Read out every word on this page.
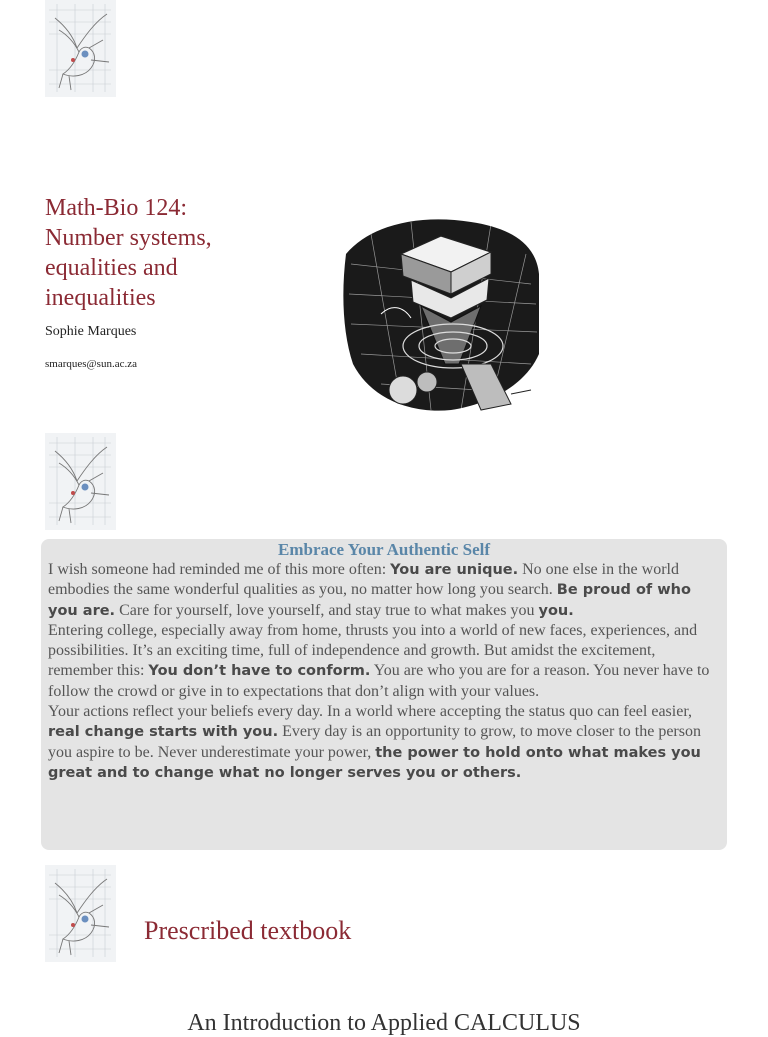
Math-Bio 124:
Number systems,
equalities and
inequalities
Sophie Marques
smarques@sun.ac.za
Embrace Your Authentic Self

I wish someone had reminded me of this more often: You are unique. No one else in the world embodies the same wonderful qualities as you, no matter how long you search. Be proud of who you are. Care for yourself, love yourself, and stay true to what makes you you.

Entering college, especially away from home, thrusts you into a world of new faces, experiences, and possibilities. It’s an exciting time, full of independence and growth. But amidst the excitement, remember this: You don’t have to conform. You are who you are for a reason. You never have to follow the crowd or give in to expectations that don’t align with your values.

Your actions reflect your beliefs every day. In a world where accepting the status quo can feel easier, real change starts with you. Every day is an opportunity to grow, to move closer to the person you aspire to be. Never underestimate your power, the power to hold onto what makes you great and to change what no longer serves you or others.

Prescribed textbook
An Introduction to Applied CALCULUS
